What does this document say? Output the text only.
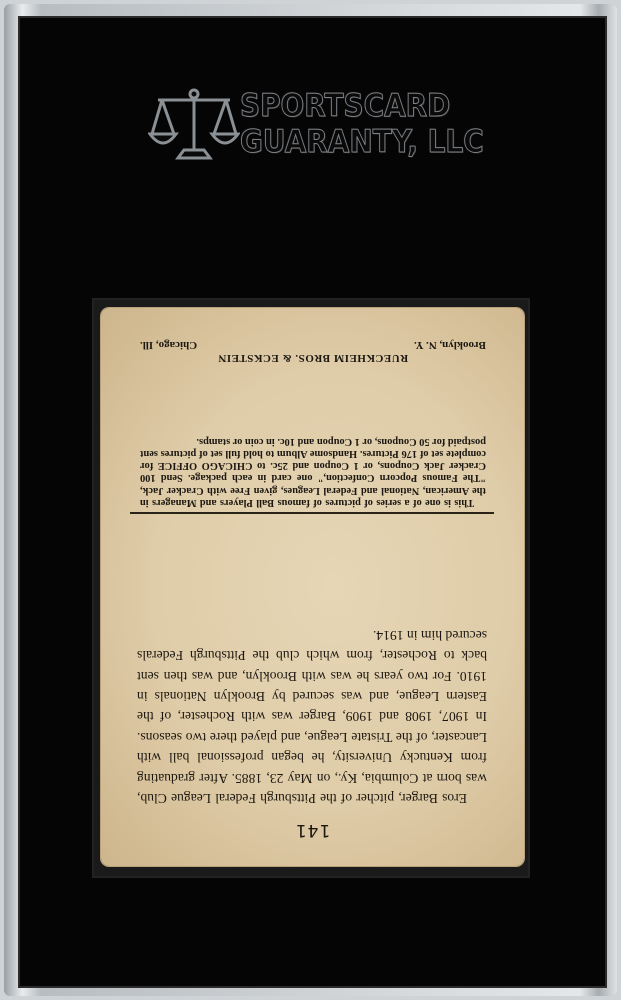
SPORTSCARD
GUARANTY, LLC
141
Eros Barger, pitcher of the Pittsburgh Federal League Club, was born at Columbia, Ky., on May 23, 1885. After graduating from Kentucky University, he began professional ball with Lancaster, of the Tristate League, and played there two seasons. In 1907, 1908 and 1909, Barger was with Rochester, of the Eastern League, and was secured by Brooklyn Nationals in 1910. For two years he was with Brooklyn, and was then sent back to Rochester, from which club the Pittsburgh Federals secured him in 1914.
This is one of a series of pictures of famous Ball Players and Managers in the American, National and Federal Leagues, given Free with Cracker Jack, "The Famous Popcorn Confection," one card in each package. Send 100 Cracker Jack Coupons, or 1 Coupon and 25c. to CHICAGO OFFICE for complete set of 176 Pictures. Handsome Album to hold full set of pictures sent postpaid for 50 Coupons, or 1 Coupon and 10c. in coin or stamps.
RUECKHEIM BROS. & ECKSTEIN
Brooklyn, N. Y.
Chicago, Ill.
